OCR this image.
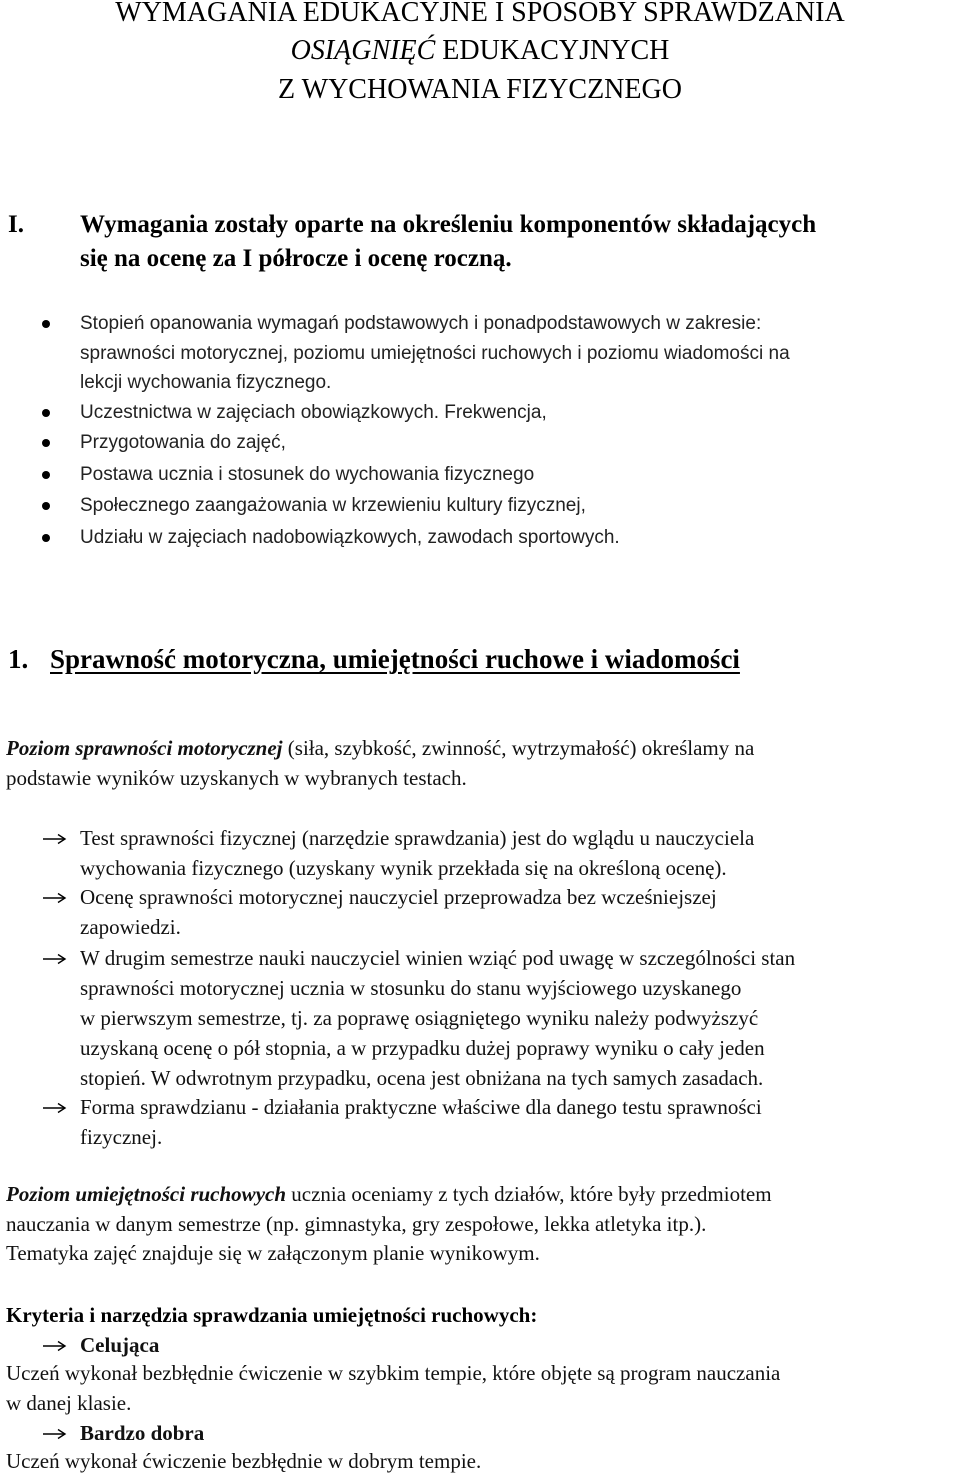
WYMAGANIA EDUKACYJNE I SPOSOBY SPRAWDZANIA
OSIĄGNIĘĆ EDUKACYJNYCH
Z WYCHOWANIA FIZYCZNEGO
I. Wymagania zostały oparte na określeniu komponentów składających
się na ocenę za I półrocze i ocenę roczną.
Stopień opanowania wymagań podstawowych i ponadpodstawowych w zakresie:
sprawności motorycznej, poziomu umiejętności ruchowych i poziomu wiadomości na
lekcji wychowania fizycznego.
Uczestnictwa w zajęciach obowiązkowych. Frekwencja,
Przygotowania do zajęć,
Postawa ucznia i stosunek do wychowania fizycznego
Społecznego zaangażowania w krzewieniu kultury fizycznej,
Udziału w zajęciach nadobowiązkowych, zawodach sportowych.
1. Sprawność motoryczna, umiejętności ruchowe i wiadomości
Poziom sprawności motorycznej (siła, szybkość, zwinność, wytrzymałość) określamy na
podstawie wyników uzyskanych w wybranych testach.
Test sprawności fizycznej (narzędzie sprawdzania) jest do wglądu u nauczyciela
wychowania fizycznego (uzyskany wynik przekłada się na określoną ocenę).
Ocenę sprawności motorycznej nauczyciel przeprowadza bez wcześniejszej
zapowiedzi.
W drugim semestrze nauki nauczyciel winien wziąć pod uwagę w szczególności stan
sprawności motorycznej ucznia w stosunku do stanu wyjściowego uzyskanego
w pierwszym semestrze, tj. za poprawę osiągniętego wyniku należy podwyższyć
uzyskaną ocenę o pół stopnia, a w przypadku dużej poprawy wyniku o cały jeden
stopień. W odwrotnym przypadku, ocena jest obniżana na tych samych zasadach.
Forma sprawdzianu - działania praktyczne właściwe dla danego testu sprawności
fizycznej.
Poziom umiejętności ruchowych ucznia oceniamy z tych działów, które były przedmiotem
nauczania w danym semestrze (np. gimnastyka, gry zespołowe, lekka atletyka itp.).
Tematyka zajęć znajduje się w załączonym planie wynikowym.
Kryteria i narzędzia sprawdzania umiejętności ruchowych:
Celująca
Uczeń wykonał bezbłędnie ćwiczenie w szybkim tempie, które objęte są program nauczania
w danej klasie.
Bardzo dobra
Uczeń wykonał ćwiczenie bezbłędnie w dobrym tempie.
